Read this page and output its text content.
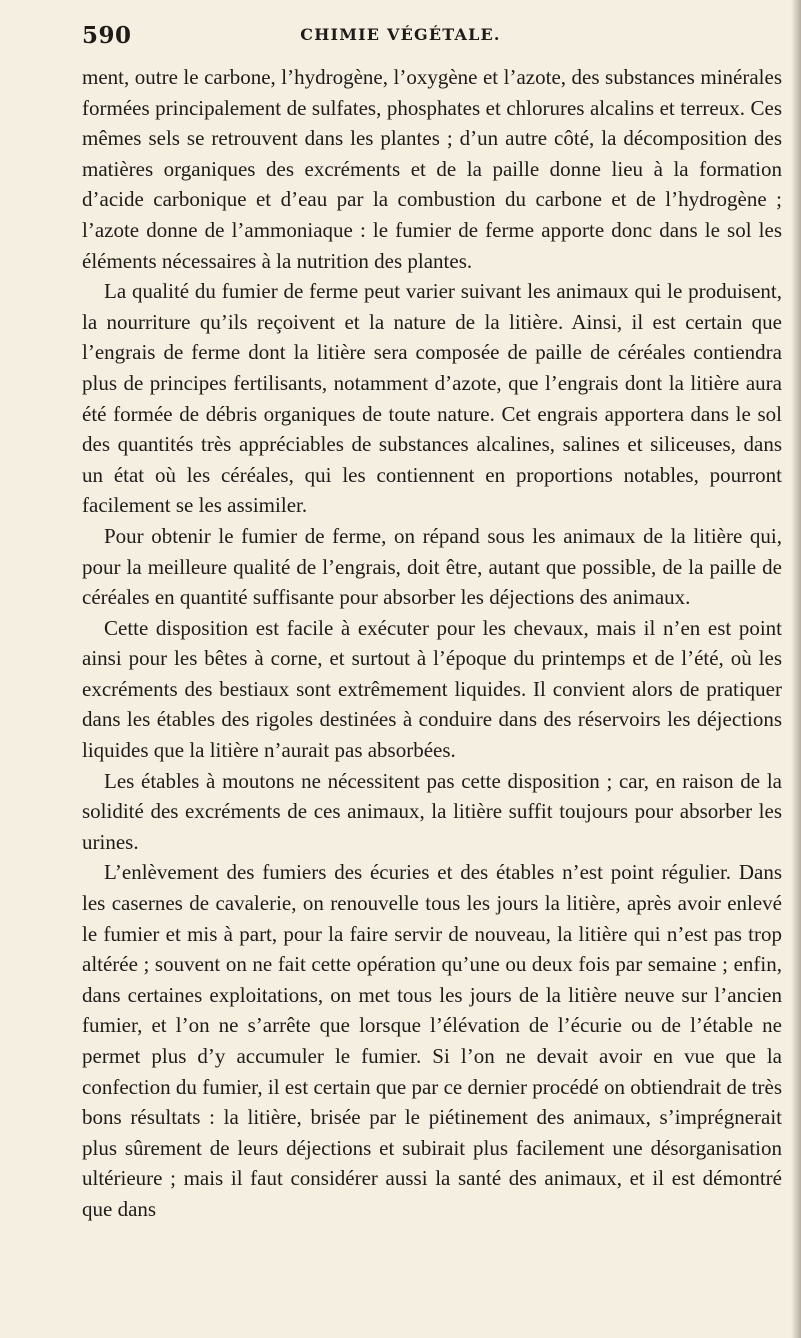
590	CHIMIE VÉGÉTALE.

ment, outre le carbone, l’hydrogène, l’oxygène et l’azote, des substances minérales formées principalement de sulfates, phosphates et chlorures alcalins et terreux. Ces mêmes sels se retrouvent dans les plantes ; d’un autre côté, la décomposition des matières organiques des excréments et de la paille donne lieu à la formation d’acide carbonique et d’eau par la combustion du carbone et de l’hydrogène ; l’azote donne de l’ammoniaque : le fumier de ferme apporte donc dans le sol les éléments nécessaires à la nutrition des plantes.

La qualité du fumier de ferme peut varier suivant les animaux qui le produisent, la nourriture qu’ils reçoivent et la nature de la litière. Ainsi, il est certain que l’engrais de ferme dont la litière sera composée de paille de céréales contiendra plus de principes fertilisants, notamment d’azote, que l’engrais dont la litière aura été formée de débris organiques de toute nature. Cet engrais apportera dans le sol des quantités très appréciables de substances alcalines, salines et siliceuses, dans un état où les céréales, qui les contiennent en proportions notables, pourront facilement se les assimiler.

Pour obtenir le fumier de ferme, on répand sous les animaux de la litière qui, pour la meilleure qualité de l’engrais, doit être, autant que possible, de la paille de céréales en quantité suffisante pour absorber les déjections des animaux.

Cette disposition est facile à exécuter pour les chevaux, mais il n’en est point ainsi pour les bêtes à corne, et surtout à l’époque du printemps et de l’été, où les excréments des bestiaux sont extrêmement liquides. Il convient alors de pratiquer dans les étables des rigoles destinées à conduire dans des réservoirs les déjections liquides que la litière n’aurait pas absorbées.

Les étables à moutons ne nécessitent pas cette disposition ; car, en raison de la solidité des excréments de ces animaux, la litière suffit toujours pour absorber les urines.

L’enlèvement des fumiers des écuries et des étables n’est point régulier. Dans les casernes de cavalerie, on renouvelle tous les jours la litière, après avoir enlevé le fumier et mis à part, pour la faire servir de nouveau, la litière qui n’est pas trop altérée ; souvent on ne fait cette opération qu’une ou deux fois par semaine ; enfin, dans certaines exploitations, on met tous les jours de la litière neuve sur l’ancien fumier, et l’on ne s’arrête que lorsque l’élévation de l’écurie ou de l’étable ne permet plus d’y accumuler le fumier. Si l’on ne devait avoir en vue que la confection du fumier, il est certain que par ce dernier procédé on obtiendrait de très bons résultats : la litière, brisée par le piétinement des animaux, s’imprégnerait plus sûrement de leurs déjections et subirait plus facilement une désorganisation ultérieure ; mais il faut considérer aussi la santé des animaux, et il est démontré que dans
